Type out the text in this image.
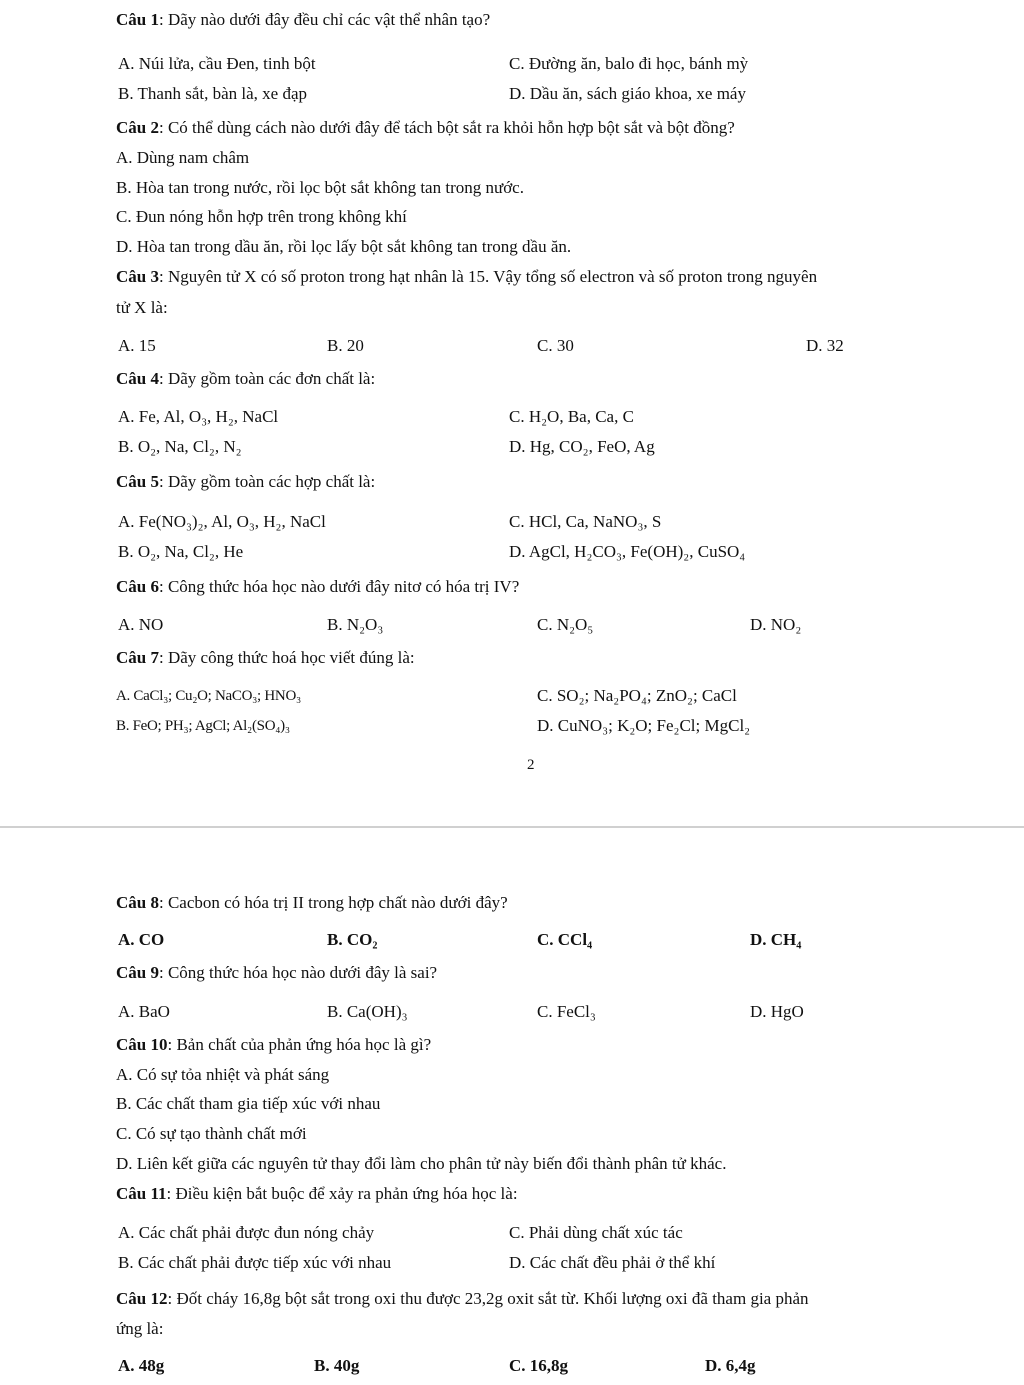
Câu 1: Dãy nào dưới đây đều chỉ các vật thể nhân tạo?
A. Núi lửa, cầu Đen, tinh bột	C. Đường ăn, balo đi học, bánh mỳ
B. Thanh sắt, bàn là, xe đạp	D. Dầu ăn, sách giáo khoa, xe máy
Câu 2: Có thể dùng cách nào dưới đây để tách bột sắt ra khỏi hỗn hợp bột sắt và bột đồng?
A. Dùng nam châm
B. Hòa tan trong nước, rồi lọc bột sắt không tan trong nước.
C. Đun nóng hỗn hợp trên trong không khí
D. Hòa tan trong dầu ăn, rồi lọc lấy bột sắt không tan trong dầu ăn.
Câu 3: Nguyên tử X có số proton trong hạt nhân là 15. Vậy tổng số electron và số proton trong nguyên
tử X là:
A. 15	B. 20	C. 30	D. 32
Câu 4: Dãy gồm toàn các đơn chất là:
A. Fe, Al, O₃, H₂, NaCl	C. H₂O, Ba, Ca, C
B. O₂, Na, Cl₂, N₂	D. Hg, CO₂, FeO, Ag
Câu 5: Dãy gồm toàn các hợp chất là:
A. Fe(NO₃)₂, Al, O₃, H₂, NaCl	C. HCl, Ca, NaNO₃, S
B. O₂, Na, Cl₂, He	D. AgCl, H₂CO₃, Fe(OH)₂, CuSO₄
Câu 6: Công thức hóa học nào dưới đây nitơ có hóa trị IV?
A. NO	B. N₂O₃	C. N₂O₅	D. NO₂
Câu 7: Dãy công thức hoá học viết đúng là:
A. CaCl₃; Cu₂O; NaCO₃; HNO₃	C. SO₂; Na₂PO₄; ZnO₂; CaCl
B. FeO; PH₃; AgCl; Al₂(SO₄)₃	D. CuNO₃; K₂O; Fe₂Cl; MgCl₂
2
Câu 8: Cacbon có hóa trị II trong hợp chất nào dưới đây?
A. CO	B. CO₂	C. CCl₄	D. CH₄
Câu 9: Công thức hóa học nào dưới đây là sai?
A. BaO	B. Ca(OH)₃	C. FeCl₃	D. HgO
Câu 10: Bản chất của phản ứng hóa học là gì?
A. Có sự tỏa nhiệt và phát sáng
B. Các chất tham gia tiếp xúc với nhau
C. Có sự tạo thành chất mới
D. Liên kết giữa các nguyên tử thay đổi làm cho phân tử này biến đổi thành phân tử khác.
Câu 11: Điều kiện bắt buộc để xảy ra phản ứng hóa học là:
A. Các chất phải được đun nóng chảy	C. Phải dùng chất xúc tác
B. Các chất phải được tiếp xúc với nhau	D. Các chất đều phải ở thể khí
Câu 12: Đốt cháy 16,8g bột sắt trong oxi thu được 23,2g oxit sắt từ. Khối lượng oxi đã tham gia phản
ứng là:
A. 48g	B. 40g	C. 16,8g	D. 6,4g
